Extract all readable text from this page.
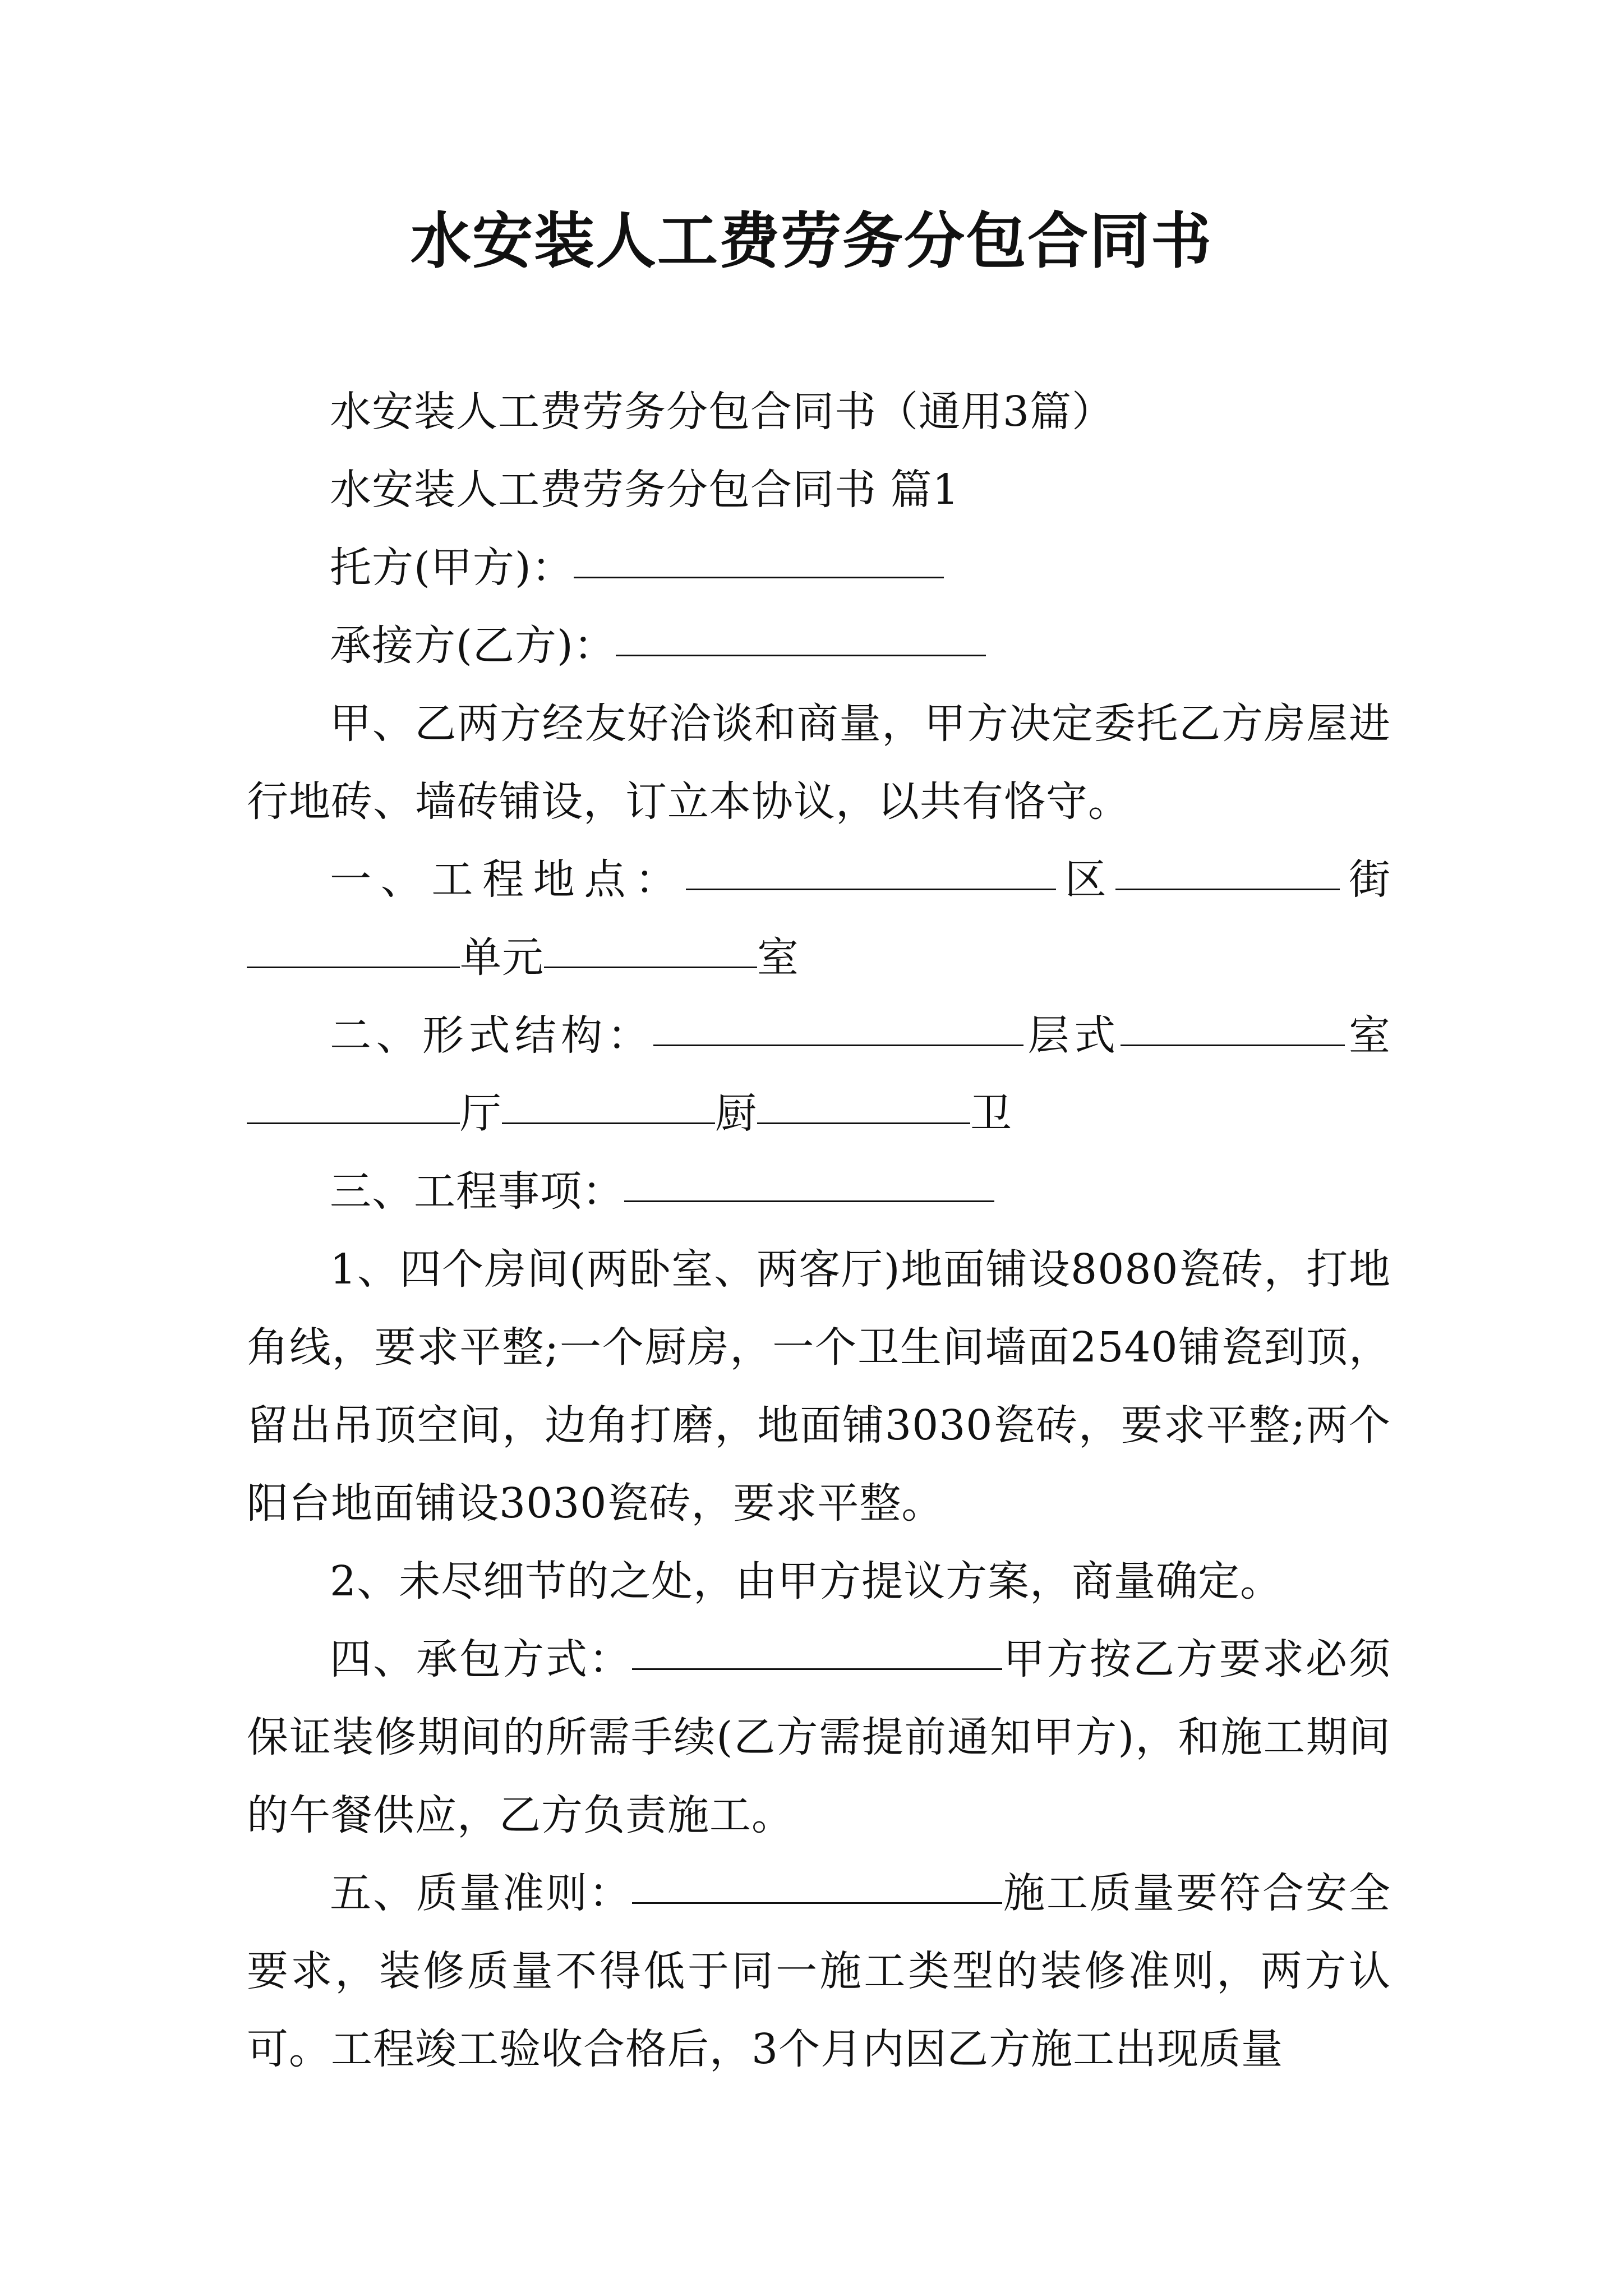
水安装人工费劳务分包合同书

水安装人工费劳务分包合同书（通用3篇）

水安装人工费劳务分包合同书 篇1

托方(甲方)：

承接方(乙方)：

甲、乙两方经友好洽谈和商量，甲方决定委托乙方房屋进行地砖、墙砖铺设，订立本协议，以共有恪守。

一、工程地点：	区	街单元	室

二、形式结构：	层式	室厅	厨	卫

三、工程事项：

1、四个房间(两卧室、两客厅)地面铺设8080瓷砖，打地角线，要求平整;一个厨房，一个卫生间墙面2540铺瓷到顶，留出吊顶空间，边角打磨，地面铺3030瓷砖，要求平整;两个阳台地面铺设3030瓷砖，要求平整。

2、未尽细节的之处，由甲方提议方案，商量确定。

四、承包方式：	甲方按乙方要求必须保证装修期间的所需手续(乙方需提前通知甲方)，和施工期间的午餐供应，乙方负责施工。

五、质量准则：	施工质量要符合安全要求，装修质量不得低于同一施工类型的装修准则，两方认可。工程竣工验收合格后，3个月内因乙方施工出现质量
